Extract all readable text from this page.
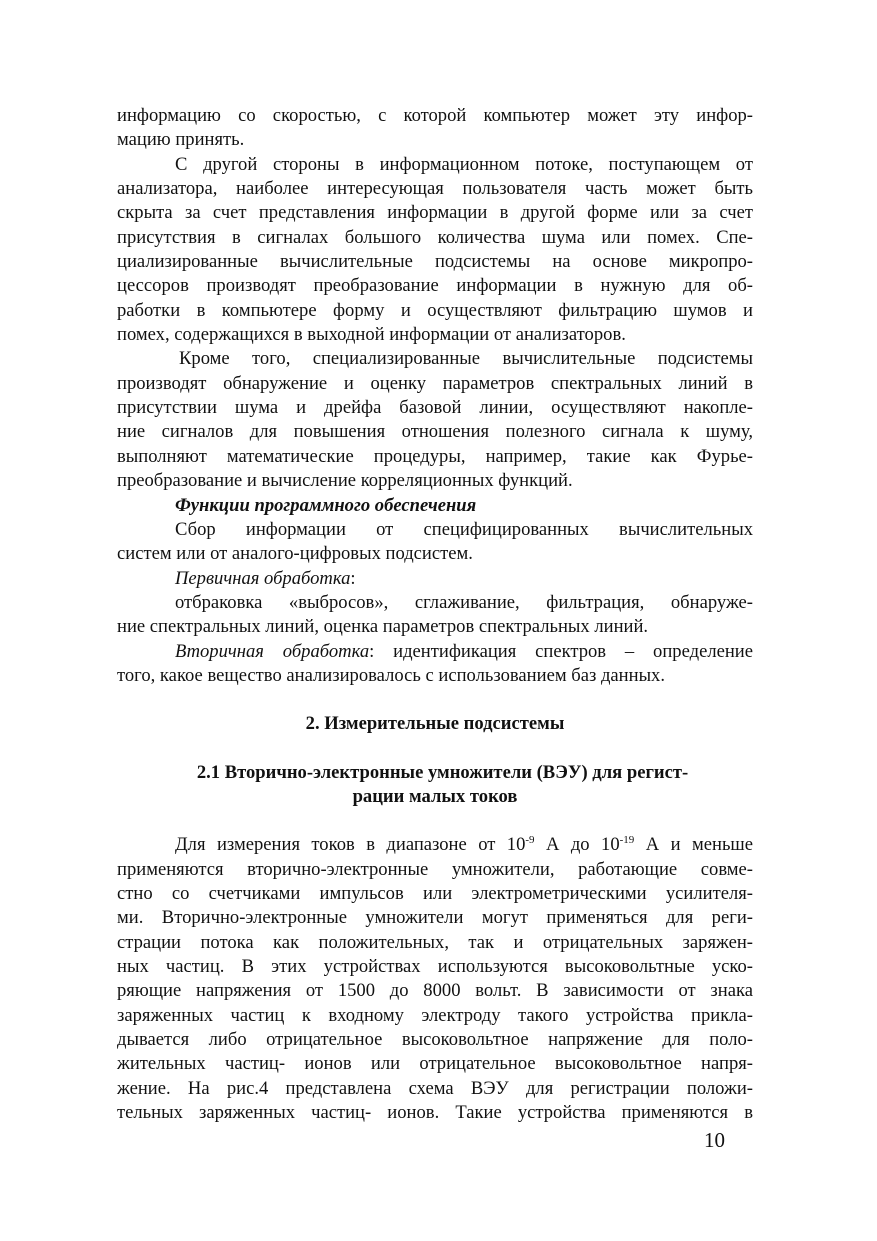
информацию со скоростью, с которой компьютер может эту инфор-
мацию принять.
С другой стороны в информационном потоке, поступающем от
анализатора, наиболее интересующая пользователя часть может быть
скрыта за счет представления информации в другой форме или за счет
присутствия в сигналах большого количества шума или помех. Спе-
циализированные вычислительные подсистемы на основе микропро-
цессоров производят преобразование информации в нужную для об-
работки в компьютере форму и осуществляют фильтрацию шумов и
помех, содержащихся в выходной информации от анализаторов.
Кроме того, специализированные вычислительные подсистемы
производят обнаружение и оценку параметров спектральных линий в
присутствии шума и дрейфа базовой линии, осуществляют накопле-
ние сигналов для повышения отношения полезного сигнала к шуму,
выполняют математические процедуры, например, такие как Фурье-
преобразование и вычисление корреляционных функций.
Функции программного обеспечения
Сбор информации от специфицированных вычислительных
систем или от аналого-цифровых подсистем.
Первичная обработка:
отбраковка «выбросов», сглаживание, фильтрация, обнаруже-
ние спектральных линий, оценка параметров спектральных линий.
Вторичная обработка: идентификация спектров – определение
того, какое вещество анализировалось с использованием баз данных.
2. Измерительные подсистемы
2.1 Вторично-электронные умножители (ВЭУ) для регист-
рации малых токов
Для измерения токов в диапазоне от $10^{-9}$ А до $10^{-19}$ А и меньше
применяются вторично-электронные умножители, работающие совме-
стно со счетчиками импульсов или электрометрическими усилителя-
ми. Вторично-электронные умножители могут применяться для реги-
страции потока как положительных, так и отрицательных заряжен-
ных частиц. В этих устройствах используются высоковольтные уско-
ряющие напряжения от 1500 до 8000 вольт. В зависимости от знака
заряженных частиц к входному электроду такого устройства прикла-
дывается либо отрицательное высоковольтное напряжение для поло-
жительных частиц- ионов или отрицательное высоковольтное напря-
жение. На рис.4 представлена схема ВЭУ для регистрации положи-
тельных заряженных частиц- ионов. Такие устройства применяются в
10
